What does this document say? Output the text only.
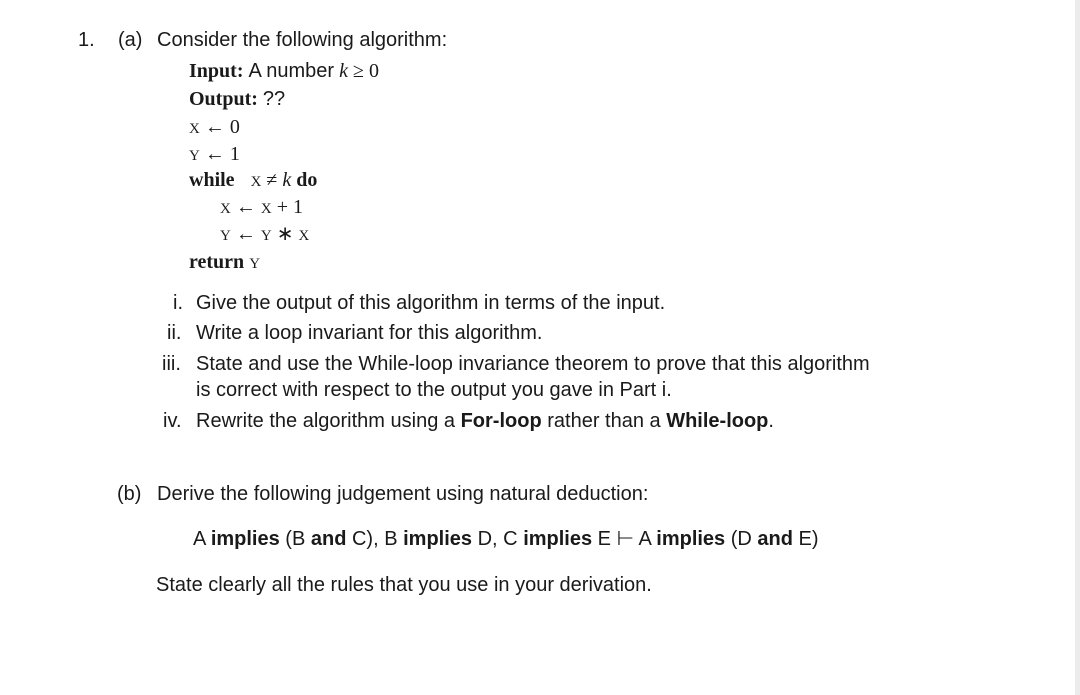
1. (a) Consider the following algorithm:
Input: A number k ≥ 0
Output: ??
X ← 0
Y ← 1
while X ≠ k do
X ← X + 1
Y ← Y ∗ X
return Y
i. Give the output of this algorithm in terms of the input.
ii. Write a loop invariant for this algorithm.
iii. State and use the While-loop invariance theorem to prove that this algorithm
is correct with respect to the output you gave in Part i.
iv. Rewrite the algorithm using a For-loop rather than a While-loop.
(b) Derive the following judgement using natural deduction:
A implies (B and C), B implies D, C implies E ⊢ A implies (D and E)
State clearly all the rules that you use in your derivation.
